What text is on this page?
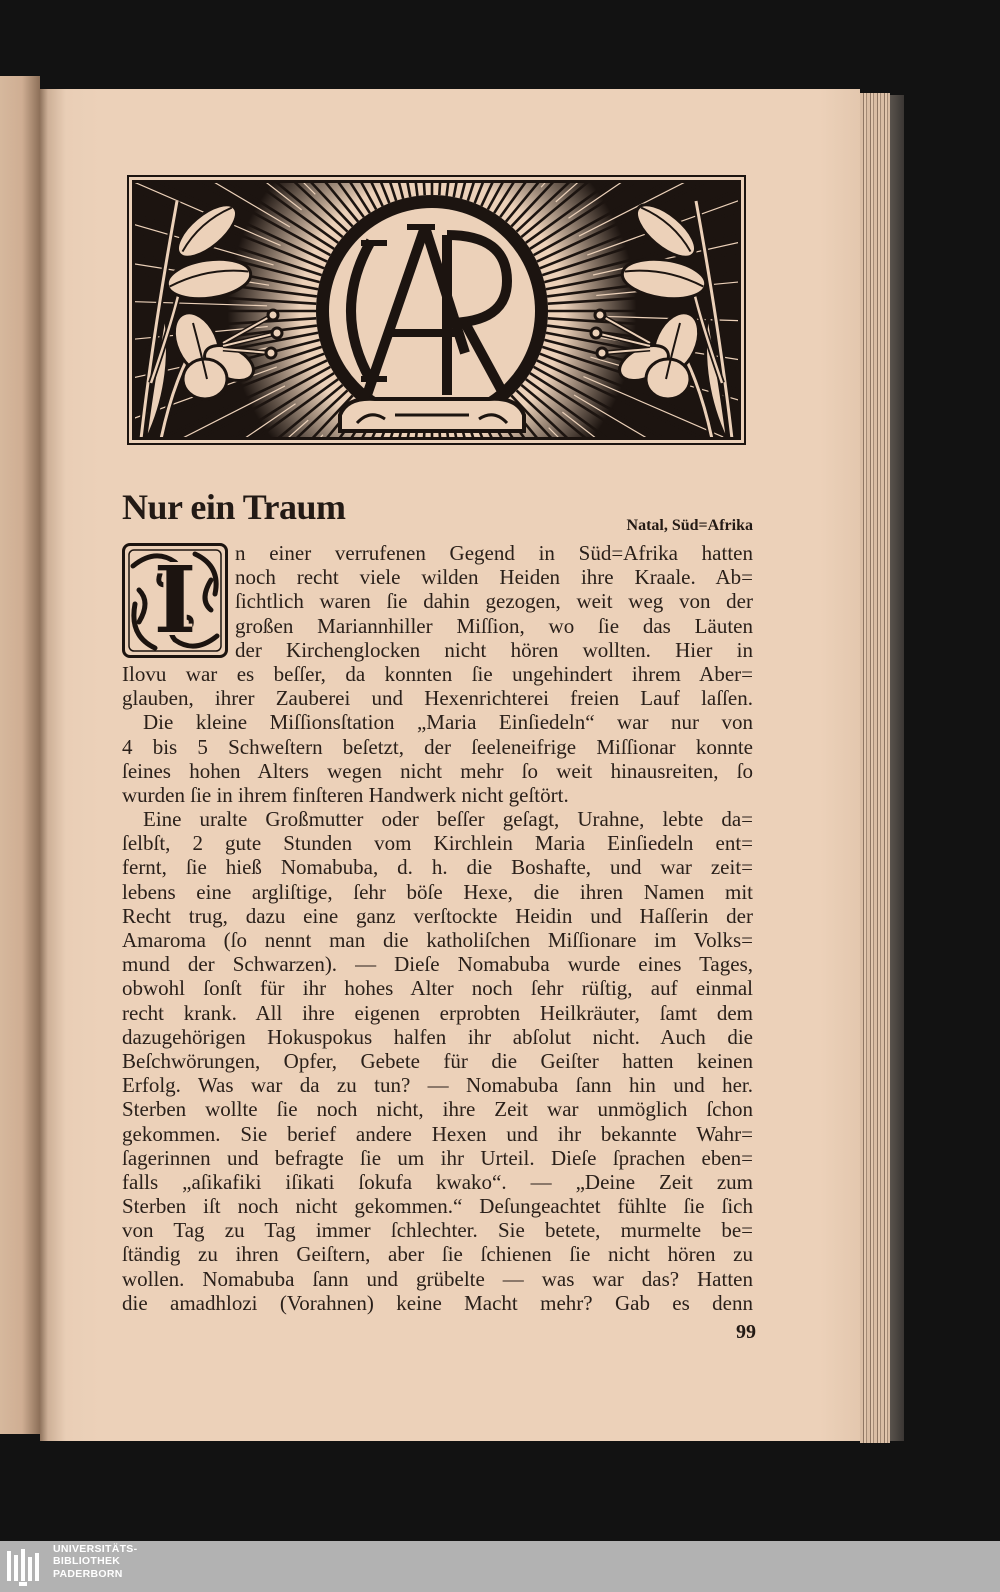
Nur ein Traum	Natal, Süd=Afrika
I	n einer verrufenen Gegend in Süd=Afrika hatten
noch recht viele wilden Heiden ihre Kraale. Ab=
ſichtlich waren ſie dahin gezogen, weit weg von der
großen Mariannhiller Miſſion, wo ſie das Läuten
der Kirchenglocken nicht hören wollten. Hier in
Ilovu war es beſſer, da konnten ſie ungehindert ihrem Aber=
glauben, ihrer Zauberei und Hexenrichterei freien Lauf laſſen.
Die kleine Miſſionsſtation „Maria Einſiedeln“ war nur von
4 bis 5 Schweſtern beſetzt, der ſeeleneifrige Miſſionar konnte
ſeines hohen Alters wegen nicht mehr ſo weit hinausreiten, ſo
wurden ſie in ihrem finſteren Handwerk nicht geſtört.
Eine uralte Großmutter oder beſſer geſagt, Urahne, lebte da=
ſelbſt, 2 gute Stunden vom Kirchlein Maria Einſiedeln ent=
fernt, ſie hieß Nomabuba, d. h. die Boshafte, und war zeit=
lebens eine argliſtige, ſehr böſe Hexe, die ihren Namen mit
Recht trug, dazu eine ganz verſtockte Heidin und Haſſerin der
Amaroma (ſo nennt man die katholiſchen Miſſionare im Volks=
mund der Schwarzen). — Dieſe Nomabuba wurde eines Tages,
obwohl ſonſt für ihr hohes Alter noch ſehr rüſtig, auf einmal
recht krank. All ihre eigenen erprobten Heilkräuter, ſamt dem
dazugehörigen Hokuspokus halfen ihr abſolut nicht. Auch die
Beſchwörungen, Opfer, Gebete für die Geiſter hatten keinen
Erfolg. Was war da zu tun? — Nomabuba ſann hin und her.
Sterben wollte ſie noch nicht, ihre Zeit war unmöglich ſchon
gekommen. Sie berief andere Hexen und ihr bekannte Wahr=
ſagerinnen und befragte ſie um ihr Urteil. Dieſe ſprachen eben=
falls „aſikafiki iſikati ſokufa kwako“. — „Deine Zeit zum
Sterben iſt noch nicht gekommen.“ Deſungeachtet fühlte ſie ſich
von Tag zu Tag immer ſchlechter. Sie betete, murmelte be=
ſtändig zu ihren Geiſtern, aber ſie ſchienen ſie nicht hören zu
wollen. Nomabuba ſann und grübelte — was war das? Hatten
die amadhlozi (Vorahnen) keine Macht mehr? Gab es denn
99
UNIVERSITÄTS-
BIBLIOTHEK
PADERBORN
